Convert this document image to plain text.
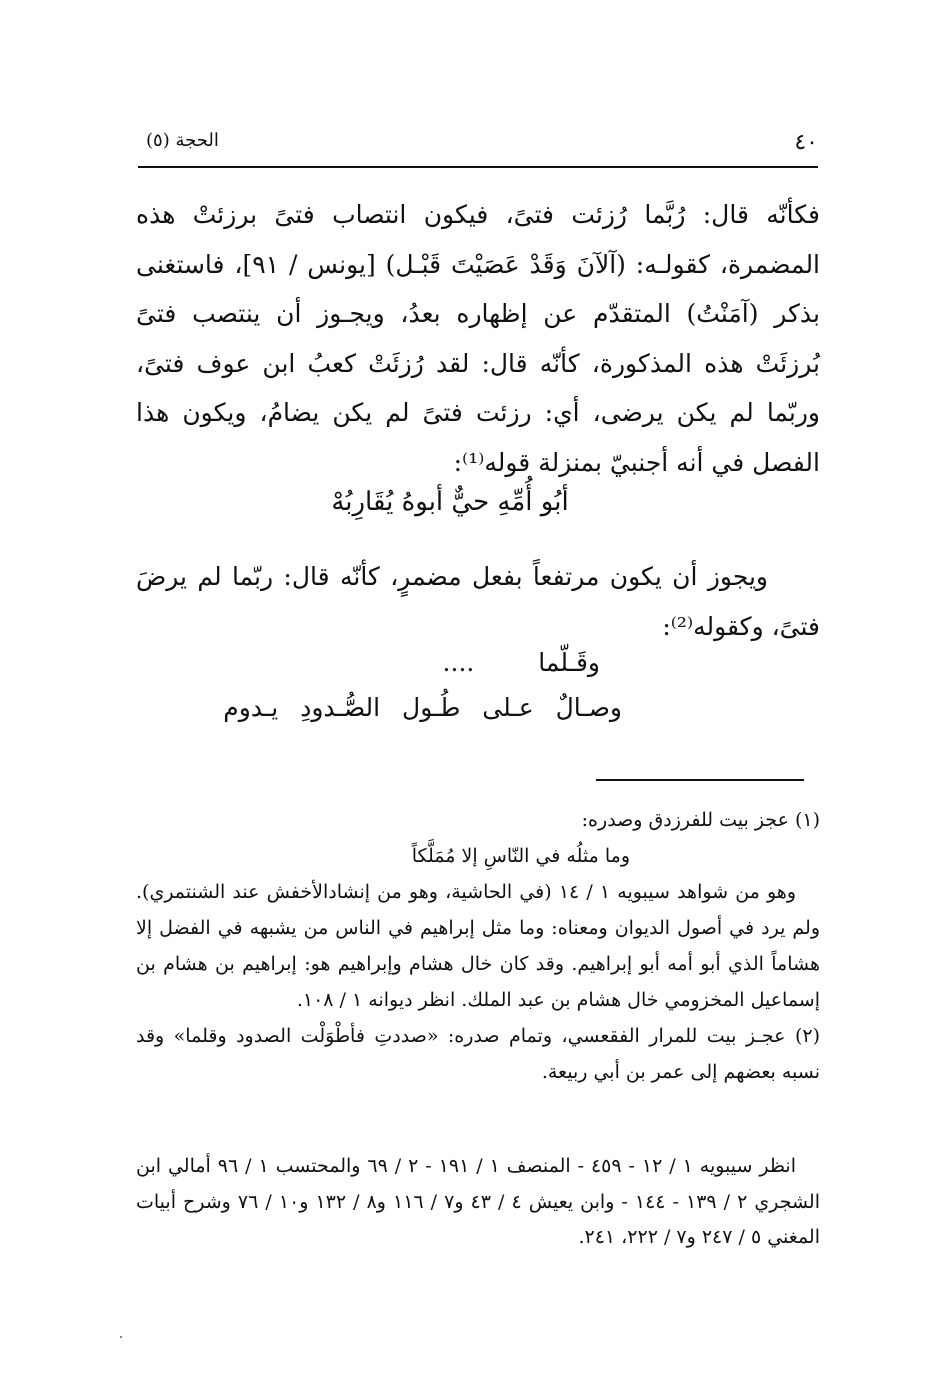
٤٠
الحجة (٥)

فكأنّه قال: رُبَّما رُزئت فتىً، فيكون انتصاب فتىً برزئتْ هذه المضمرة، كقولـه: (آلآنَ وَقَدْ عَصَيْتَ قَبْـل) [يونس / ٩١]، فاستغنى بذكر (آمَنْتُ) المتقدّم عن إظهاره بعدُ، ويجـوز أن ينتصب فتىً بُرزئَتْ هذه المذكورة، كأنّه قال: لقد رُزئَتْ كعبُ ابن عوف فتىً، وربّما لم يكن يرضى، أي: رزئت فتىً لم يكن يضامُ، ويكون هذا الفصل في أنه أجنبيّ بمنزلة قوله⁽¹⁾:

أبُو أُمِّهِ حيٌّ أبوهُ يُقَارِبُهْ

ويجوز أن يكون مرتفعاً بفعل مضمرٍ، كأنّه قال: ربّما لم يرضَ فتىً، وكقوله⁽²⁾:

وقَـلّما ....
وصـالٌ عـلى طُـول الصُّـدودِ يـدوم

(١) عجز بيت للفرزدق وصدره:

وما مثلُه في النّاسِ إلا مُمَلَّكاً

وهو من شواهد سيبويه ١ / ١٤ (في الحاشية، وهو من إنشادالأخفش عند الشنتمري). ولم يرد في أصول الديوان ومعناه: وما مثل إبراهيم في الناس من يشبهه في الفضل إلا هشاماً الذي أبو أمه أبو إبراهيم. وقد كان خال هشام وإبراهيم هو: إبراهيم بن هشام بن إسماعيل المخزومي خال هشام بن عبد الملك. انظر ديوانه ١ / ١٠٨.

(٢) عجـز بيت للمرار الفقعسي، وتمام صدره: «صددتِ فأطْوَلْت الصدود وقلما» وقد نسبه بعضهم إلى عمر بن أبي ربيعة.

انظر سيبويه ١ / ١٢ - ٤٥٩ - المنصف ١ / ١٩١ - ٢ / ٦٩ والمحتسب ١ / ٩٦ أمالي ابن الشجري ٢ / ١٣٩ - ١٤٤ - وابن يعيش ٤ / ٤٣ و٧ / ١١٦ و٨ / ١٣٢ و١٠ / ٧٦ وشرح أبيات المغني ٥ / ٢٤٧ و٧ / ٢٢٢، ٢٤١.
